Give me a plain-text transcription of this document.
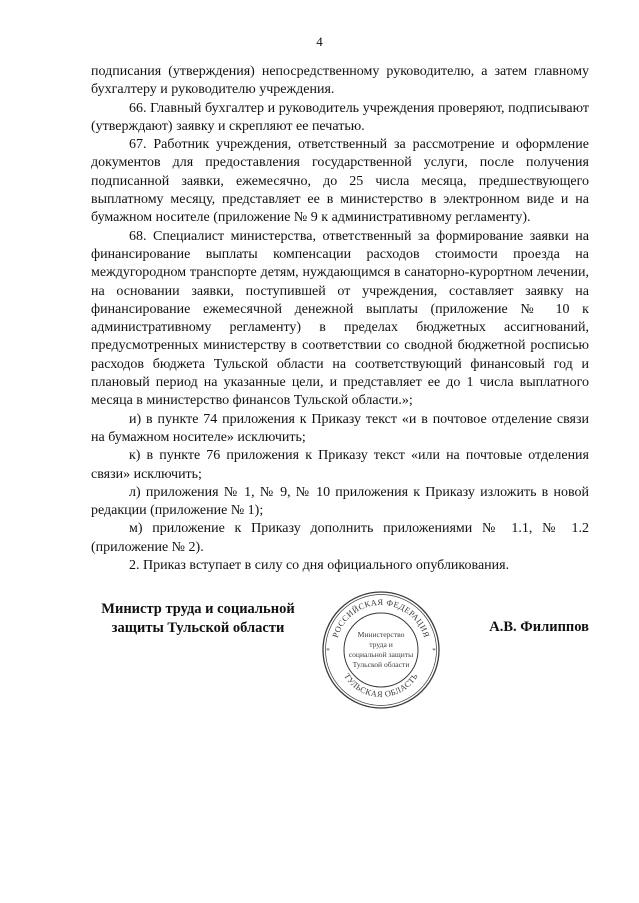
4

подписания (утверждения) непосредственному руководителю, а затем главному бухгалтеру и руководителю учреждения.

66. Главный бухгалтер и руководитель учреждения проверяют, подписывают (утверждают) заявку и скрепляют ее печатью.

67. Работник учреждения, ответственный за рассмотрение и оформление документов для предоставления государственной услуги, после получения подписанной заявки, ежемесячно, до 25 числа месяца, предшествующего выплатному месяцу, представляет ее в министерство в электронном виде и на бумажном носителе (приложение № 9 к административному регламенту).

68. Специалист министерства, ответственный за формирование заявки на финансирование выплаты компенсации расходов стоимости проезда на междугородном транспорте детям, нуждающимся в санаторно-курортном лечении, на основании заявки, поступившей от учреждения, составляет заявку на финансирование ежемесячной денежной выплаты (приложение № 10 к административному регламенту) в пределах бюджетных ассигнований, предусмотренных министерству в соответствии со сводной бюджетной росписью расходов бюджета Тульской области на соответствующий финансовый год и плановый период на указанные цели, и представляет ее до 1 числа выплатного месяца в министерство финансов Тульской области.»;

и) в пункте 74 приложения к Приказу текст «и в почтовое отделение связи на бумажном носителе» исключить;

к) в пункте 76 приложения к Приказу текст «или на почтовые отделения связи» исключить;

л) приложения № 1, № 9, № 10 приложения к Приказу изложить в новой редакции (приложение № 1);

м) приложение к Приказу дополнить приложениями № 1.1, № 1.2 (приложение № 2).

2. Приказ вступает в силу со дня официального опубликования.

Министр труда и социальной
защиты Тульской области	РОССИЙСКАЯ ФЕДЕРАЦИЯ
ТУЛЬСКАЯ ОБЛАСТЬ
*	*
Министерство
труда и
социальной защиты
Тульской области
А.В. Филиппов
